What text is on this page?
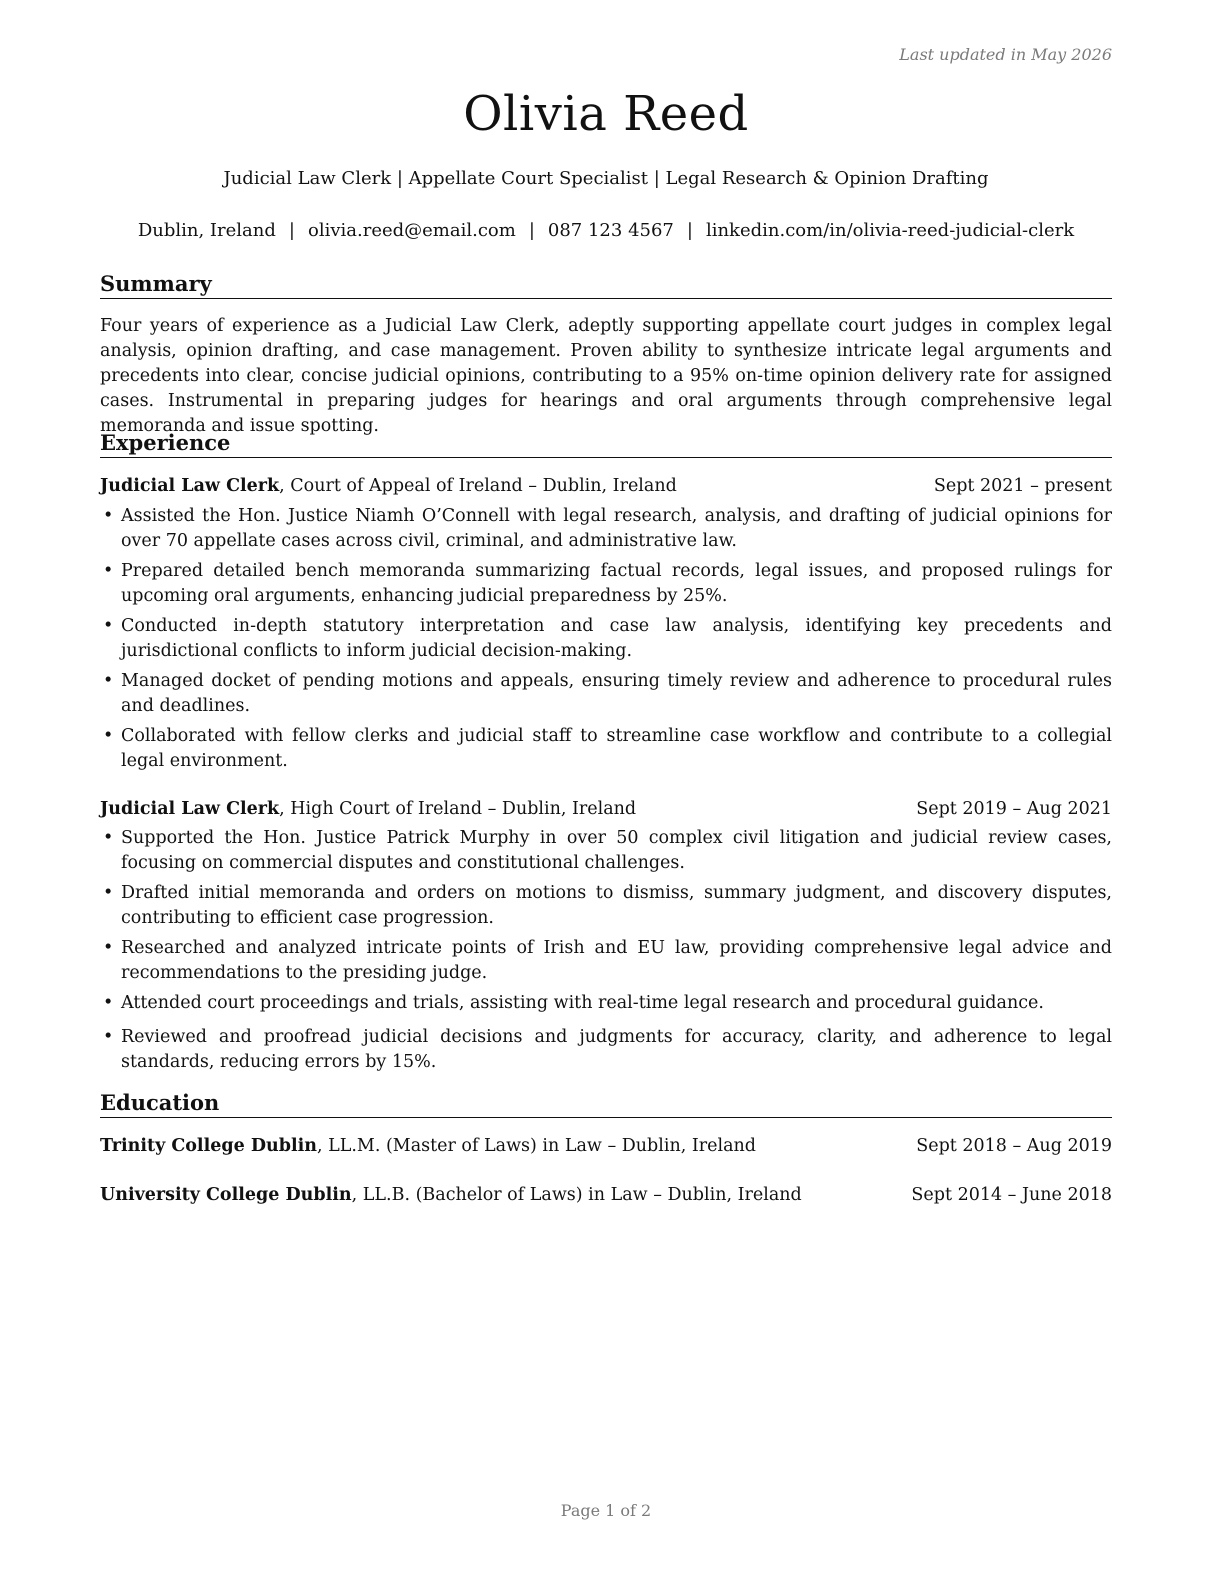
Last updated in May 2026
Olivia Reed
Judicial Law Clerk | Appellate Court Specialist | Legal Research & Opinion Drafting
Dublin, Ireland | olivia.reed@email.com | 087 123 4567 | linkedin.com/in/olivia-reed-judicial-clerk
Summary
Four years of experience as a Judicial Law Clerk, adeptly supporting appellate court judges in complex legal analysis, opinion drafting, and case management. Proven ability to synthesize intricate legal arguments and precedents into clear, concise judicial opinions, contributing to a 95% on-time opinion delivery rate for assigned cases. Instrumental in preparing judges for hearings and oral arguments through comprehensive legal memoranda and issue spotting.
Experience
Judicial Law Clerk, Court of Appeal of Ireland – Dublin, Ireland	Sept 2021 – present
• Assisted the Hon. Justice Niamh O’Connell with legal research, analysis, and drafting of judicial opinions for over 70 appellate cases across civil, criminal, and administrative law.
• Prepared detailed bench memoranda summarizing factual records, legal issues, and proposed rulings for upcoming oral arguments, enhancing judicial preparedness by 25%.
• Conducted in-depth statutory interpretation and case law analysis, identifying key precedents and jurisdictional conflicts to inform judicial decision-making.
• Managed docket of pending motions and appeals, ensuring timely review and adherence to procedural rules and deadlines.
• Collaborated with fellow clerks and judicial staff to streamline case workflow and contribute to a collegial legal environment.
Judicial Law Clerk, High Court of Ireland – Dublin, Ireland	Sept 2019 – Aug 2021
• Supported the Hon. Justice Patrick Murphy in over 50 complex civil litigation and judicial review cases, focusing on commercial disputes and constitutional challenges.
• Drafted initial memoranda and orders on motions to dismiss, summary judgment, and discovery disputes, contributing to efficient case progression.
• Researched and analyzed intricate points of Irish and EU law, providing comprehensive legal advice and recommendations to the presiding judge.
• Attended court proceedings and trials, assisting with real-time legal research and procedural guidance.
• Reviewed and proofread judicial decisions and judgments for accuracy, clarity, and adherence to legal standards, reducing errors by 15%.
Education
Trinity College Dublin, LL.M. (Master of Laws) in Law – Dublin, Ireland	Sept 2018 – Aug 2019
University College Dublin, LL.B. (Bachelor of Laws) in Law – Dublin, Ireland	Sept 2014 – June 2018
Page 1 of 2
